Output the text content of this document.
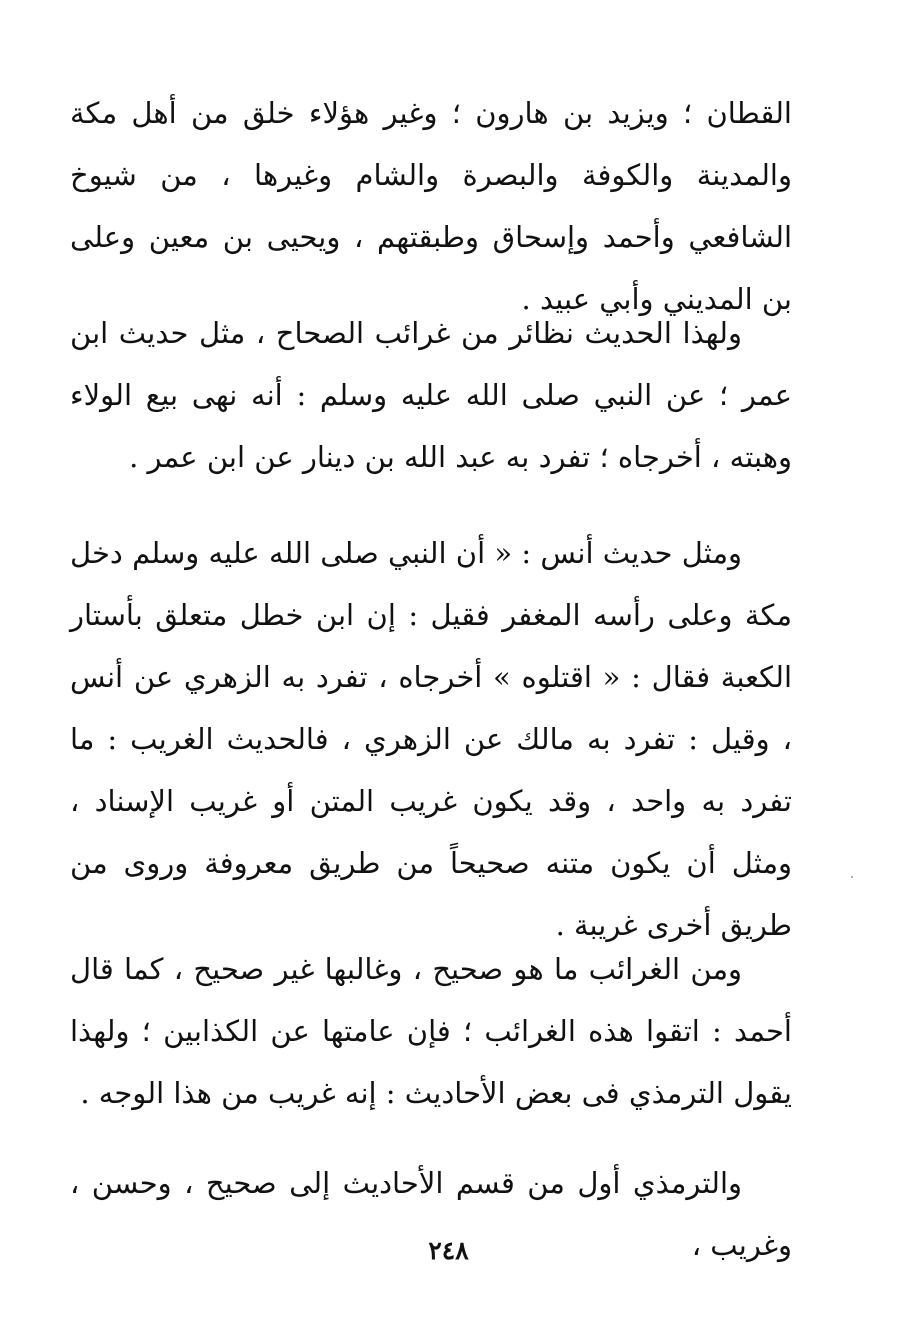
القطان ؛ ويزيد بن هارون ؛ وغير هؤلاء خلق من أهل مكة والمدينة والكوفة والبصرة والشام وغيرها ، من شيوخ الشافعي وأحمد وإسحاق وطبقتهم ، ويحيى بن معين وعلى بن المديني وأبي عبيد .

ولهذا الحديث نظائر من غرائب الصحاح ، مثل حديث ابن عمر ؛ عن النبي صلى الله عليه وسلم : أنه نهى بيع الولاء وهبته ، أخرجاه ؛ تفرد به عبد الله بن دينار عن ابن عمر .

ومثل حديث أنس : « أن النبي صلى الله عليه وسلم دخل مكة وعلى رأسه المغفر فقيل : إن ابن خطل متعلق بأستار الكعبة فقال : « اقتلوه » أخرجاه ، تفرد به الزهري عن أنس ، وقيل : تفرد به مالك عن الزهري ، فالحديث الغريب : ما تفرد به واحد ، وقد يكون غريب المتن أو غريب الإسناد ، ومثل أن يكون متنه صحيحاً من طريق معروفة وروى من طريق أخرى غريبة .

ومن الغرائب ما هو صحيح ، وغالبها غير صحيح ، كما قال أحمد : اتقوا هذه الغرائب ؛ فإن عامتها عن الكذابين ؛ ولهذا يقول الترمذي فى بعض الأحاديث : إنه غريب من هذا الوجه .

والترمذي أول من قسم الأحاديث إلى صحيح ، وحسن ، وغريب ،

٢٤٨
